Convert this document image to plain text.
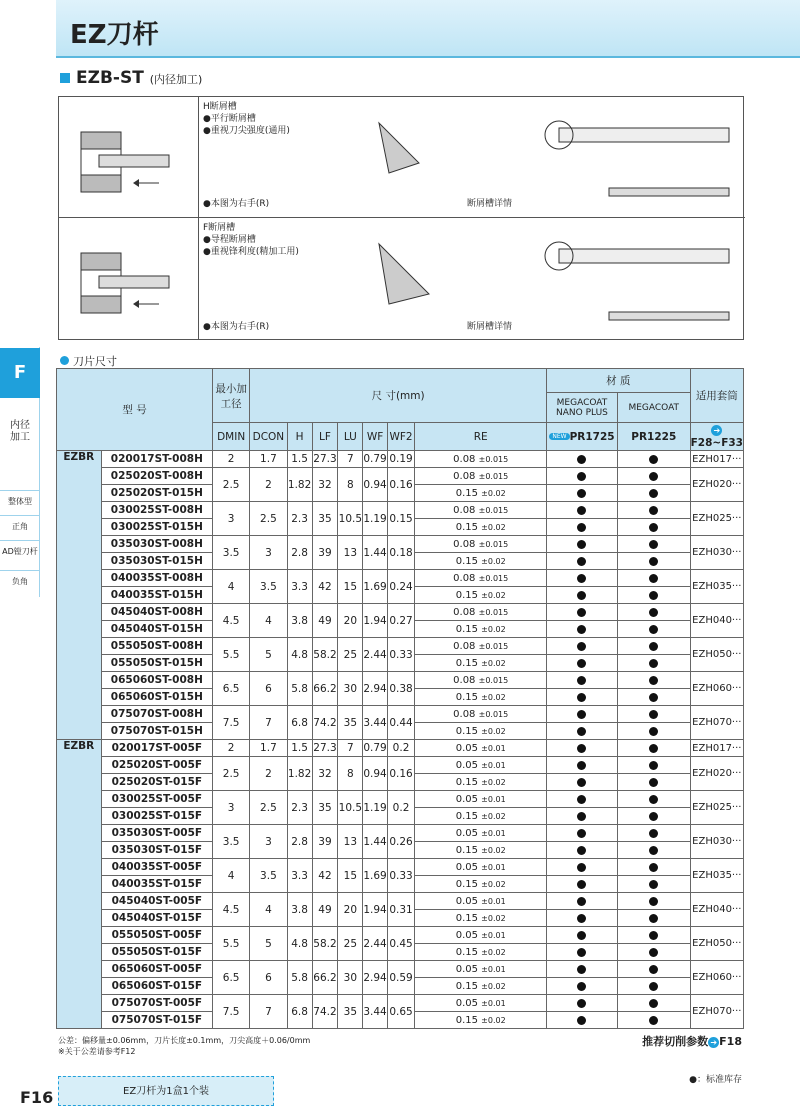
EZ刀杆
EZB-ST (内径加工)
H断屑槽
●平行断屑槽
●重视刀尖强度(通用)
●本图为右手(R)	断屑槽详情
F断屑槽
●导程断屑槽
●重视锋利度(精加工用)
●本图为右手(R)	断屑槽详情
F
内径加工
整体型
正角
AD镗刀杆
负角
刀片尺寸
型 号		最小加工径	尺 寸(mm)							材 质		适用套筒
										MEGACOAT NANO PLUS	MEGACOAT	
		DMIN	DCON	H	LF	LU	WF	WF2	RE	NEW PR1725	PR1225	➔F28~F33
EZBR	020017ST-008H	2	1.7	1.5	27.3	7	0.79	0.19	0.08 ±0.015			EZH017···
	025020ST-008H	2.5	2	1.82	32	8	0.94	0.16	0.08 ±0.015			EZH020···
	025020ST-015H								0.15 ±0.02			
	030025ST-008H	3	2.5	2.3	35	10.5	1.19	0.15	0.08 ±0.015			EZH025···
	030025ST-015H								0.15 ±0.02			
	035030ST-008H	3.5	3	2.8	39	13	1.44	0.18	0.08 ±0.015			EZH030···
	035030ST-015H								0.15 ±0.02			
	040035ST-008H	4	3.5	3.3	42	15	1.69	0.24	0.08 ±0.015			EZH035···
	040035ST-015H								0.15 ±0.02			
	045040ST-008H	4.5	4	3.8	49	20	1.94	0.27	0.08 ±0.015			EZH040···
	045040ST-015H								0.15 ±0.02			
	055050ST-008H	5.5	5	4.8	58.2	25	2.44	0.33	0.08 ±0.015			EZH050···
	055050ST-015H								0.15 ±0.02			
	065060ST-008H	6.5	6	5.8	66.2	30	2.94	0.38	0.08 ±0.015			EZH060···
	065060ST-015H								0.15 ±0.02			
	075070ST-008H	7.5	7	6.8	74.2	35	3.44	0.44	0.08 ±0.015			EZH070···
	075070ST-015H								0.15 ±0.02			
EZBR	020017ST-005F	2	1.7	1.5	27.3	7	0.79	0.2	0.05 ±0.01			EZH017···
	025020ST-005F	2.5	2	1.82	32	8	0.94	0.16	0.05 ±0.01			EZH020···
	025020ST-015F								0.15 ±0.02			
	030025ST-005F	3	2.5	2.3	35	10.5	1.19	0.2	0.05 ±0.01			EZH025···
	030025ST-015F								0.15 ±0.02			
	035030ST-005F	3.5	3	2.8	39	13	1.44	0.26	0.05 ±0.01			EZH030···
	035030ST-015F								0.15 ±0.02			
	040035ST-005F	4	3.5	3.3	42	15	1.69	0.33	0.05 ±0.01			EZH035···
	040035ST-015F								0.15 ±0.02			
	045040ST-005F	4.5	4	3.8	49	20	1.94	0.31	0.05 ±0.01			EZH040···
	045040ST-015F								0.15 ±0.02			
	055050ST-005F	5.5	5	4.8	58.2	25	2.44	0.45	0.05 ±0.01			EZH050···
	055050ST-015F								0.15 ±0.02			
	065060ST-005F	6.5	6	5.8	66.2	30	2.94	0.59	0.05 ±0.01			EZH060···
	065060ST-015F								0.15 ±0.02			
	075070ST-005F	7.5	7	6.8	74.2	35	3.44	0.65	0.05 ±0.01			EZH070···
	075070ST-015F								0.15 ±0.02			
公差：偏移量±0.06mm，刀片长度±0.1mm，刀尖高度＋0.06/0mm
※关于公差请参考F12
推荐切削参数 ➔ F18
F16	EZ刀杆为1盒1个装
●：标准库存
